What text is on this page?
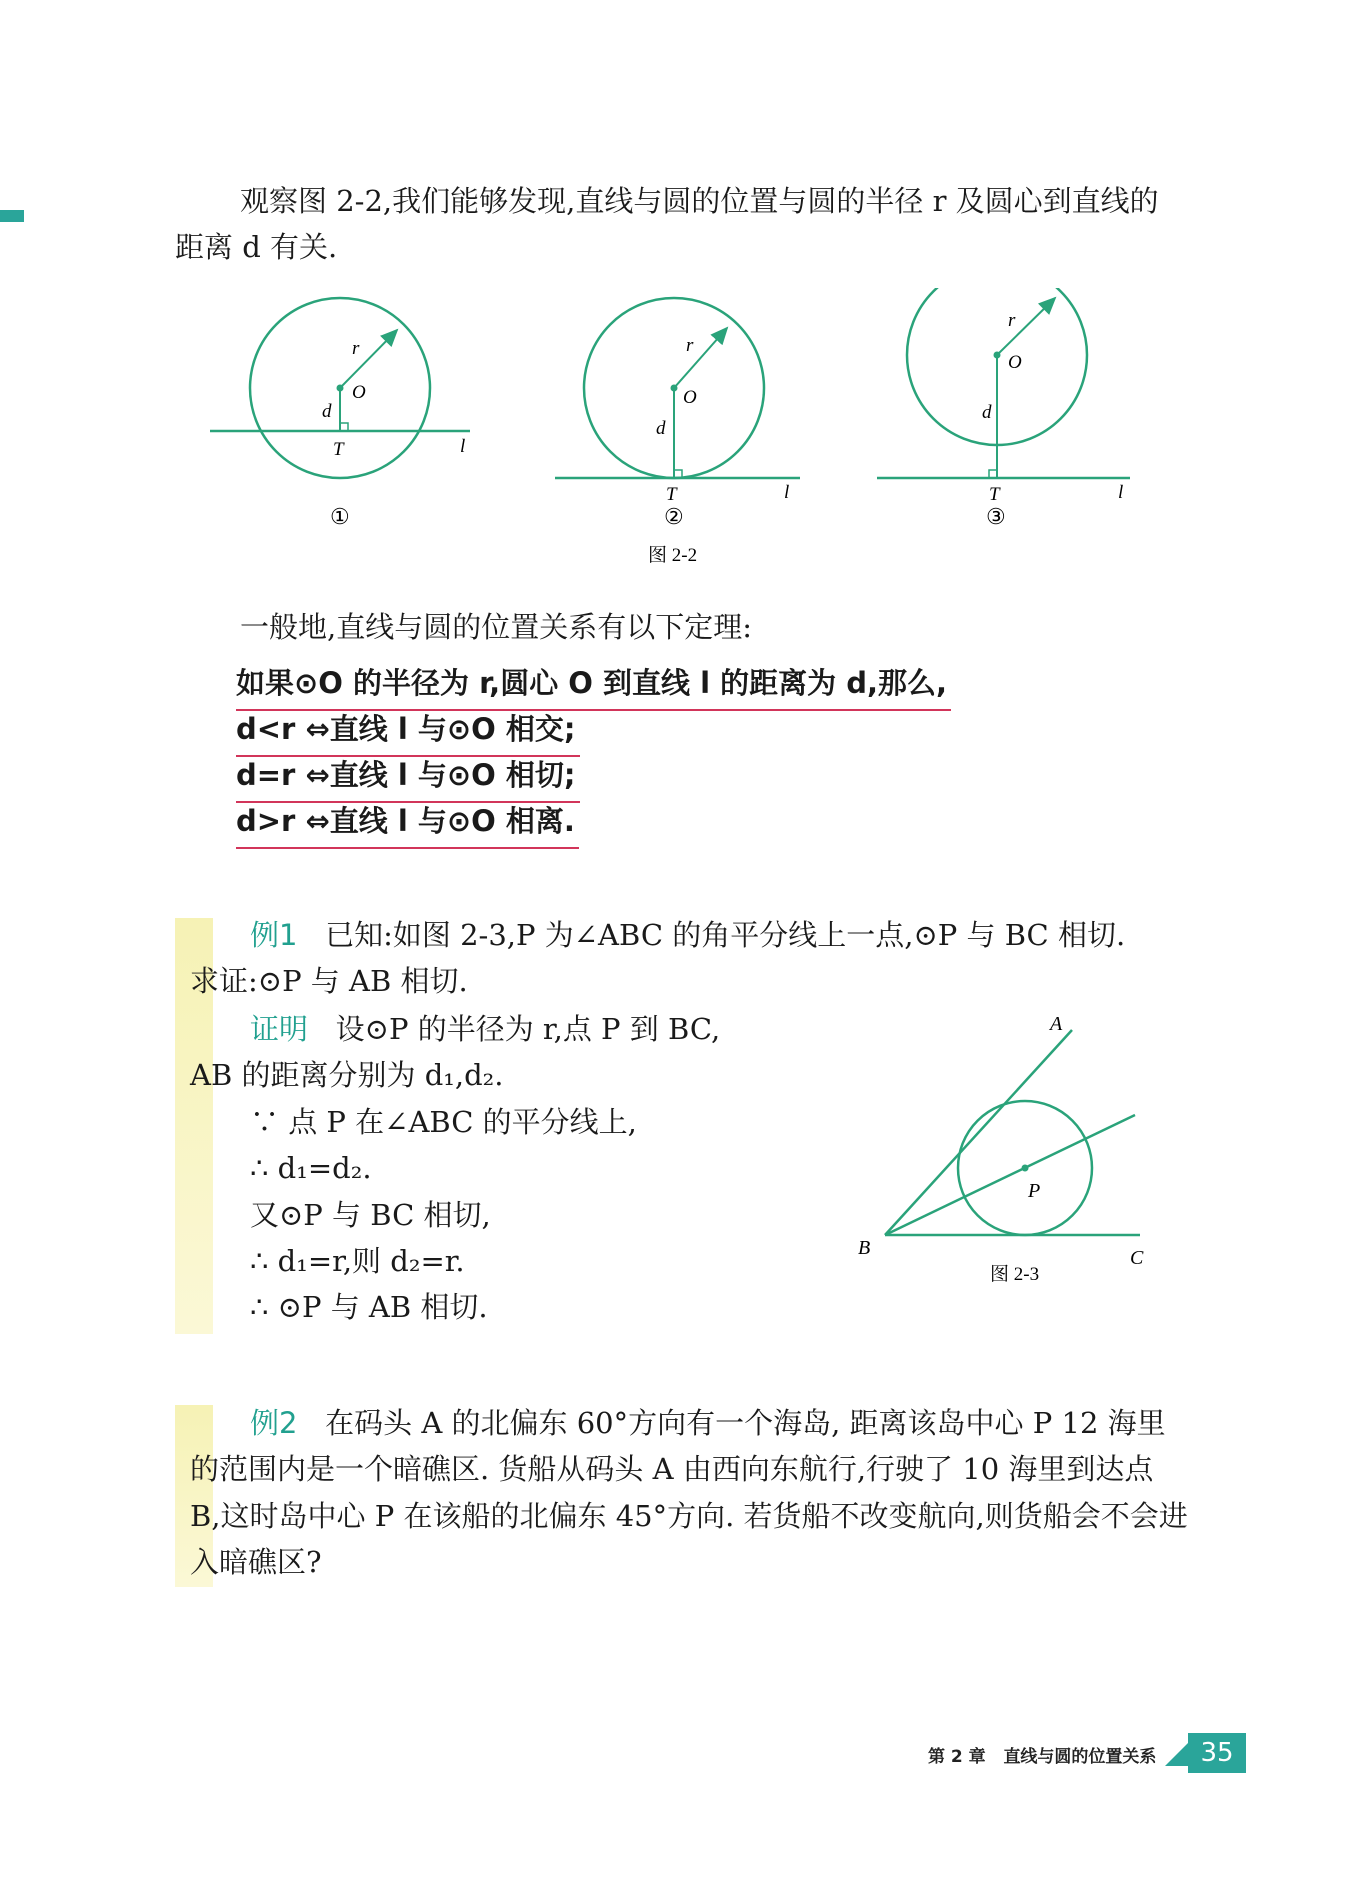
观察图 2-2,我们能够发现,直线与圆的位置与圆的半径 r 及圆心到直线的距离 d 有关.
O
r
d
T	l
①
O
r
d
T	l
②
O
r
d
T	l
③
图 2-2
一般地,直线与圆的位置关系有以下定理:
如果⊙O 的半径为 r,圆心 O 到直线 l 的距离为 d,那么,
d<r ⇔直线 l 与⊙O 相交;
d=r ⇔直线 l 与⊙O 相切;
d>r ⇔直线 l 与⊙O 相离.
例1 已知:如图 2-3,P 为∠ABC 的角平分线上一点,⊙P 与 BC 相切.
求证:⊙P 与 AB 相切.
证明 设⊙P 的半径为 r,点 P 到 BC,
AB 的距离分别为 d₁,d₂.
∵ 点 P 在∠ABC 的平分线上,
∴ d₁=d₂.
又⊙P 与 BC 相切,
∴ d₁=r,则 d₂=r.
∴ ⊙P 与 AB 相切.
A
B	C
P
图 2-3
例2 在码头 A 的北偏东 60°方向有一个海岛, 距离该岛中心 P 12 海里的范围内是一个暗礁区. 货船从码头 A 由西向东航行,行驶了 10 海里到达点 B,这时岛中心 P 在该船的北偏东 45°方向. 若货船不改变航向,则货船会不会进入暗礁区?
第 2 章 直线与圆的位置关系	35
